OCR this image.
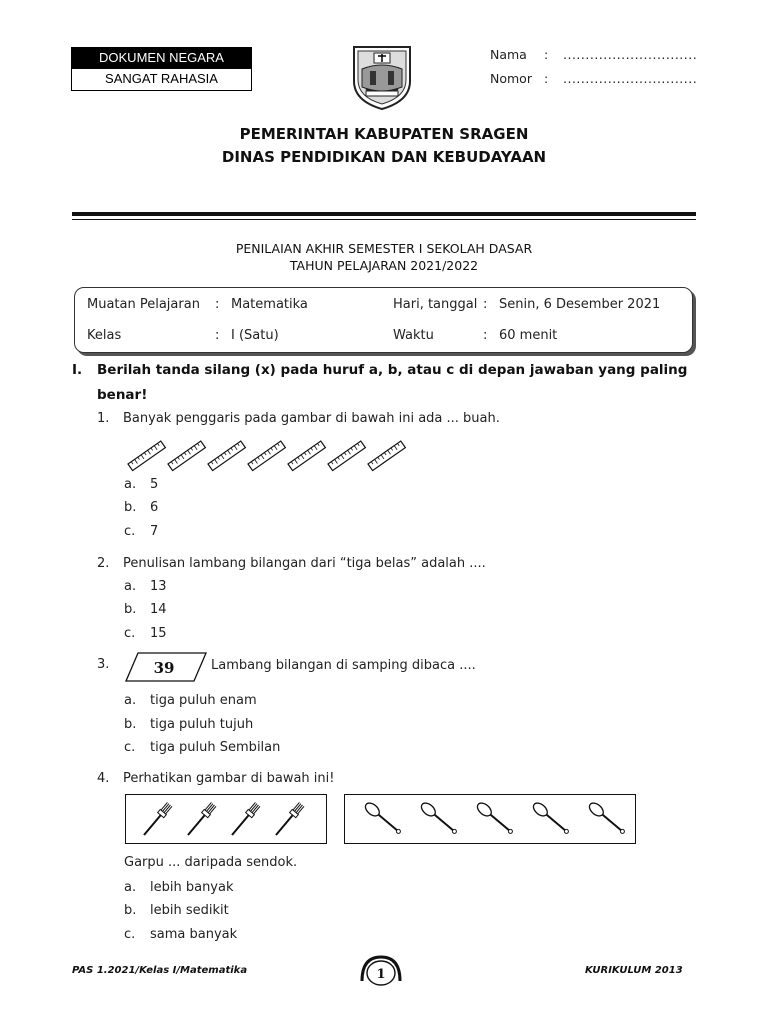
DOKUMEN NEGARA
SANGAT RAHASIA
Nama : ..............................
Nomor : ..............................
PEMERINTAH KABUPATEN SRAGEN
DINAS PENDIDIKAN DAN KEBUDAYAAN
PENILAIAN AKHIR SEMESTER I SEKOLAH DASAR
TAHUN PELAJARAN 2021/2022
Muatan Pelajaran : Matematika	Hari, tanggal : Senin, 6 Desember 2021
Kelas	: I (Satu)	Waktu	: 60 menit
I. Berilah tanda silang (x) pada huruf a, b, atau c di depan jawaban yang paling
benar!
1. Banyak penggaris pada gambar di bawah ini ada ... buah.
a. 5
b. 6
c. 7
2. Penulisan lambang bilangan dari “tiga belas” adalah ....
a. 13
b. 14
c. 15
3.	39	Lambang bilangan di samping dibaca ....
a. tiga puluh enam
b. tiga puluh tujuh
c. tiga puluh Sembilan
4. Perhatikan gambar di bawah ini!
Garpu ... daripada sendok.
a. lebih banyak
b. lebih sedikit
c. sama banyak
PAS 1.2021/Kelas I/Matematika	1	KURIKULUM 2013
